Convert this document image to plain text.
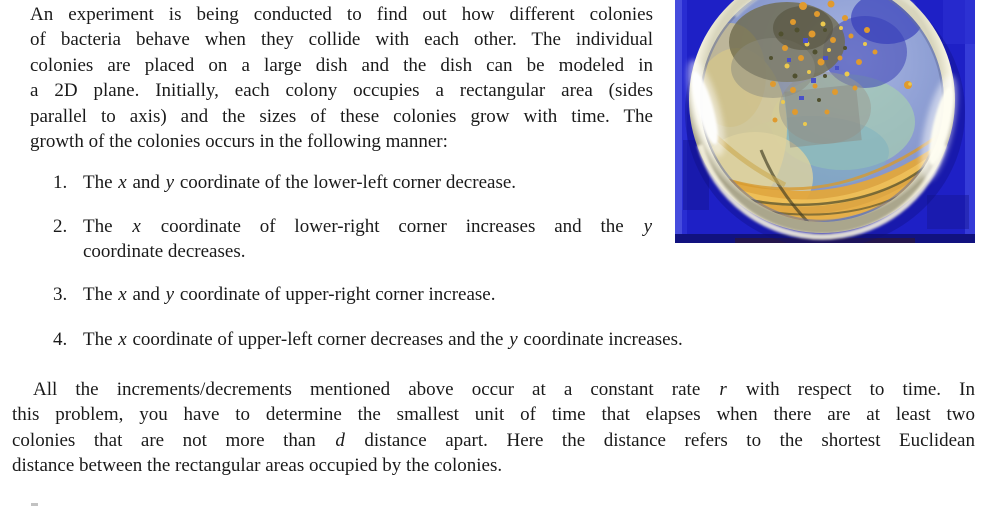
An experiment is being conducted to find out how different colonies
of bacteria behave when they collide with each other. The individual
colonies are placed on a large dish and the dish can be modeled in
a 2D plane. Initially, each colony occupies a rectangular area (sides
parallel to axis) and the sizes of these colonies grow with time. The
growth of the colonies occurs in the following manner:
1. The x and y coordinate of the lower-left corner decrease.
2. The x coordinate of lower-right corner increases and the y
coordinate decreases.
3. The x and y coordinate of upper-right corner increase.
4. The x coordinate of upper-left corner decreases and the y coordinate increases.
All the increments/decrements mentioned above occur at a constant rate r with respect to time. In
this problem, you have to determine the smallest unit of time that elapses when there are at least two
colonies that are not more than d distance apart. Here the distance refers to the shortest Euclidean
distance between the rectangular areas occupied by the colonies.
